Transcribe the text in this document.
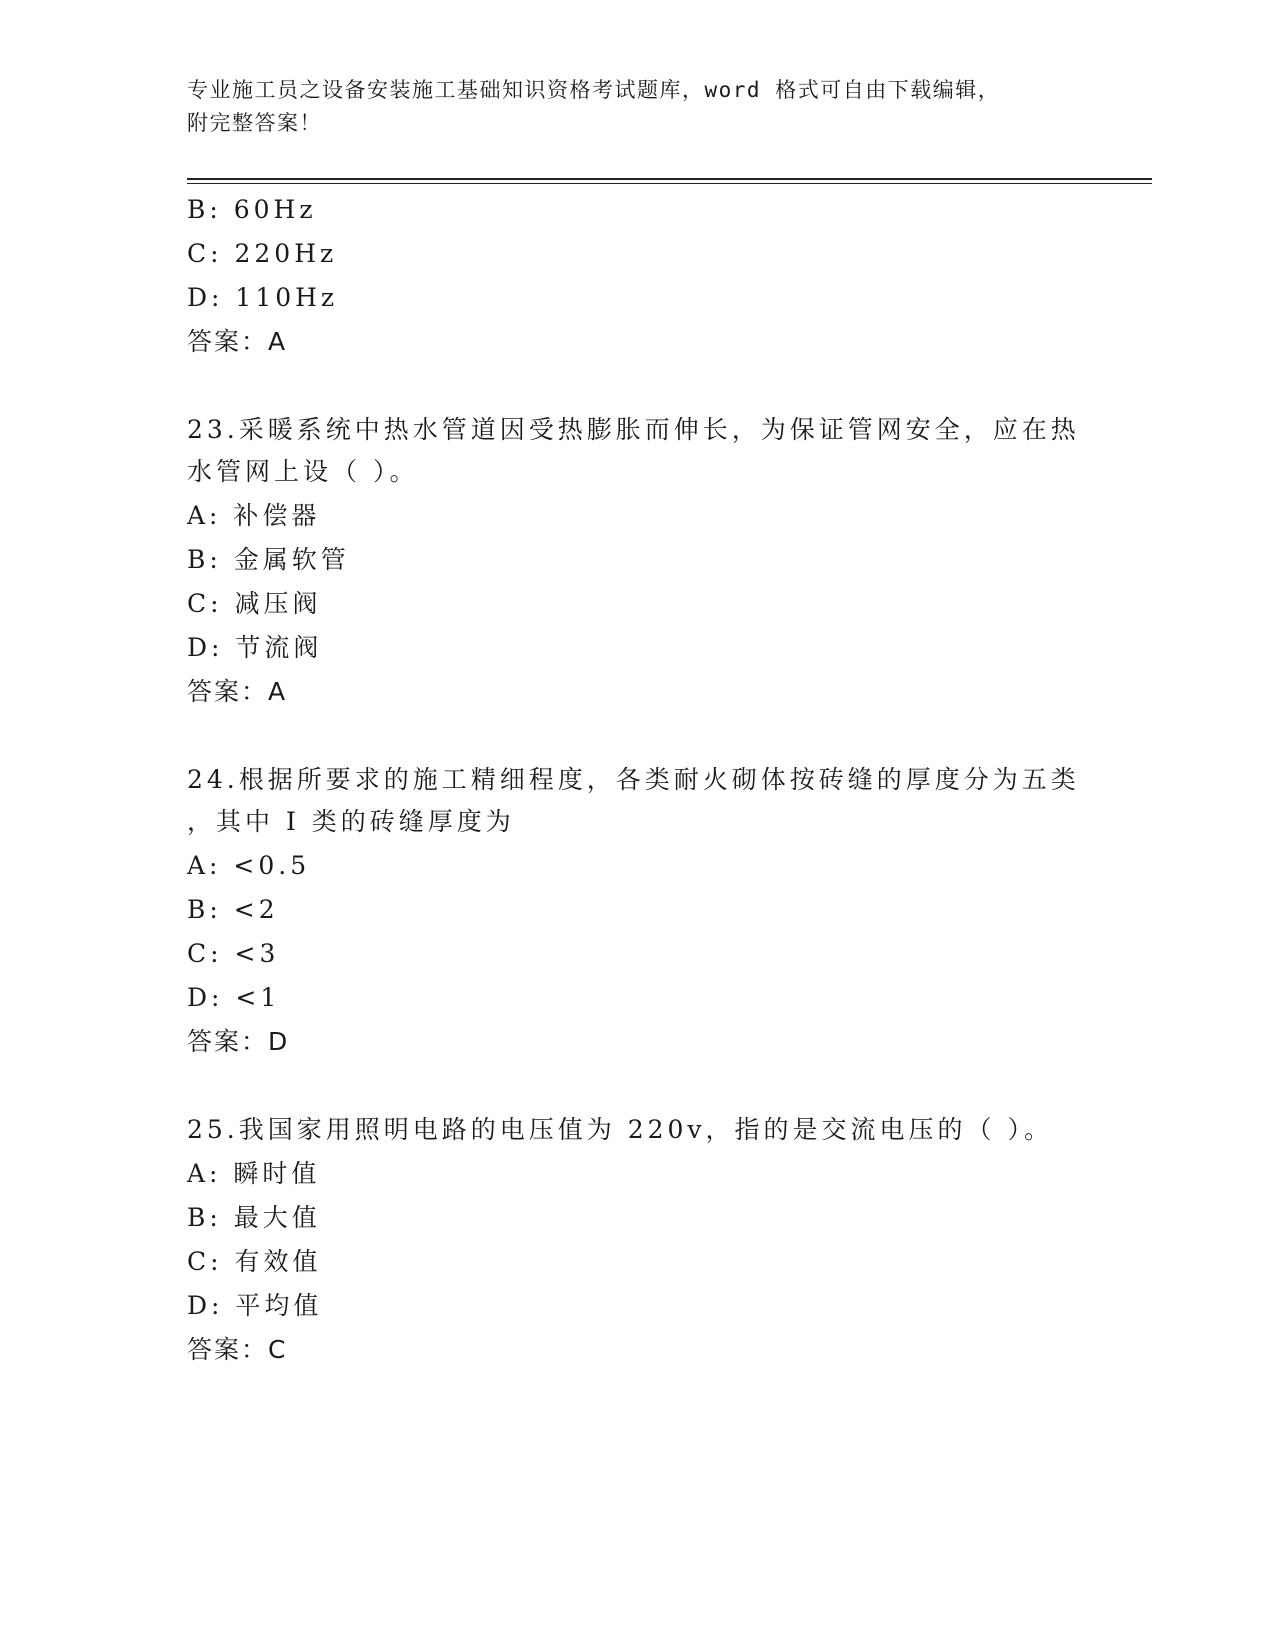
专业施工员之设备安装施工基础知识资格考试题库，word 格式可自由下载编辑，
附完整答案！
B: 60Hz
C: 220Hz
D: 110Hz
答案：A
23.采暖系统中热水管道因受热膨胀而伸长，为保证管网安全，应在热
水管网上设（ ）。
A: 补偿器
B: 金属软管
C: 减压阀
D: 节流阀
答案：A
24.根据所要求的施工精细程度，各类耐火砌体按砖缝的厚度分为五类
，其中 I 类的砖缝厚度为
A: <0.5
B: <2
C: <3
D: <1
答案：D
25.我国家用照明电路的电压值为 220v，指的是交流电压的（ ）。
A: 瞬时值
B: 最大值
C: 有效值
D: 平均值
答案：C
